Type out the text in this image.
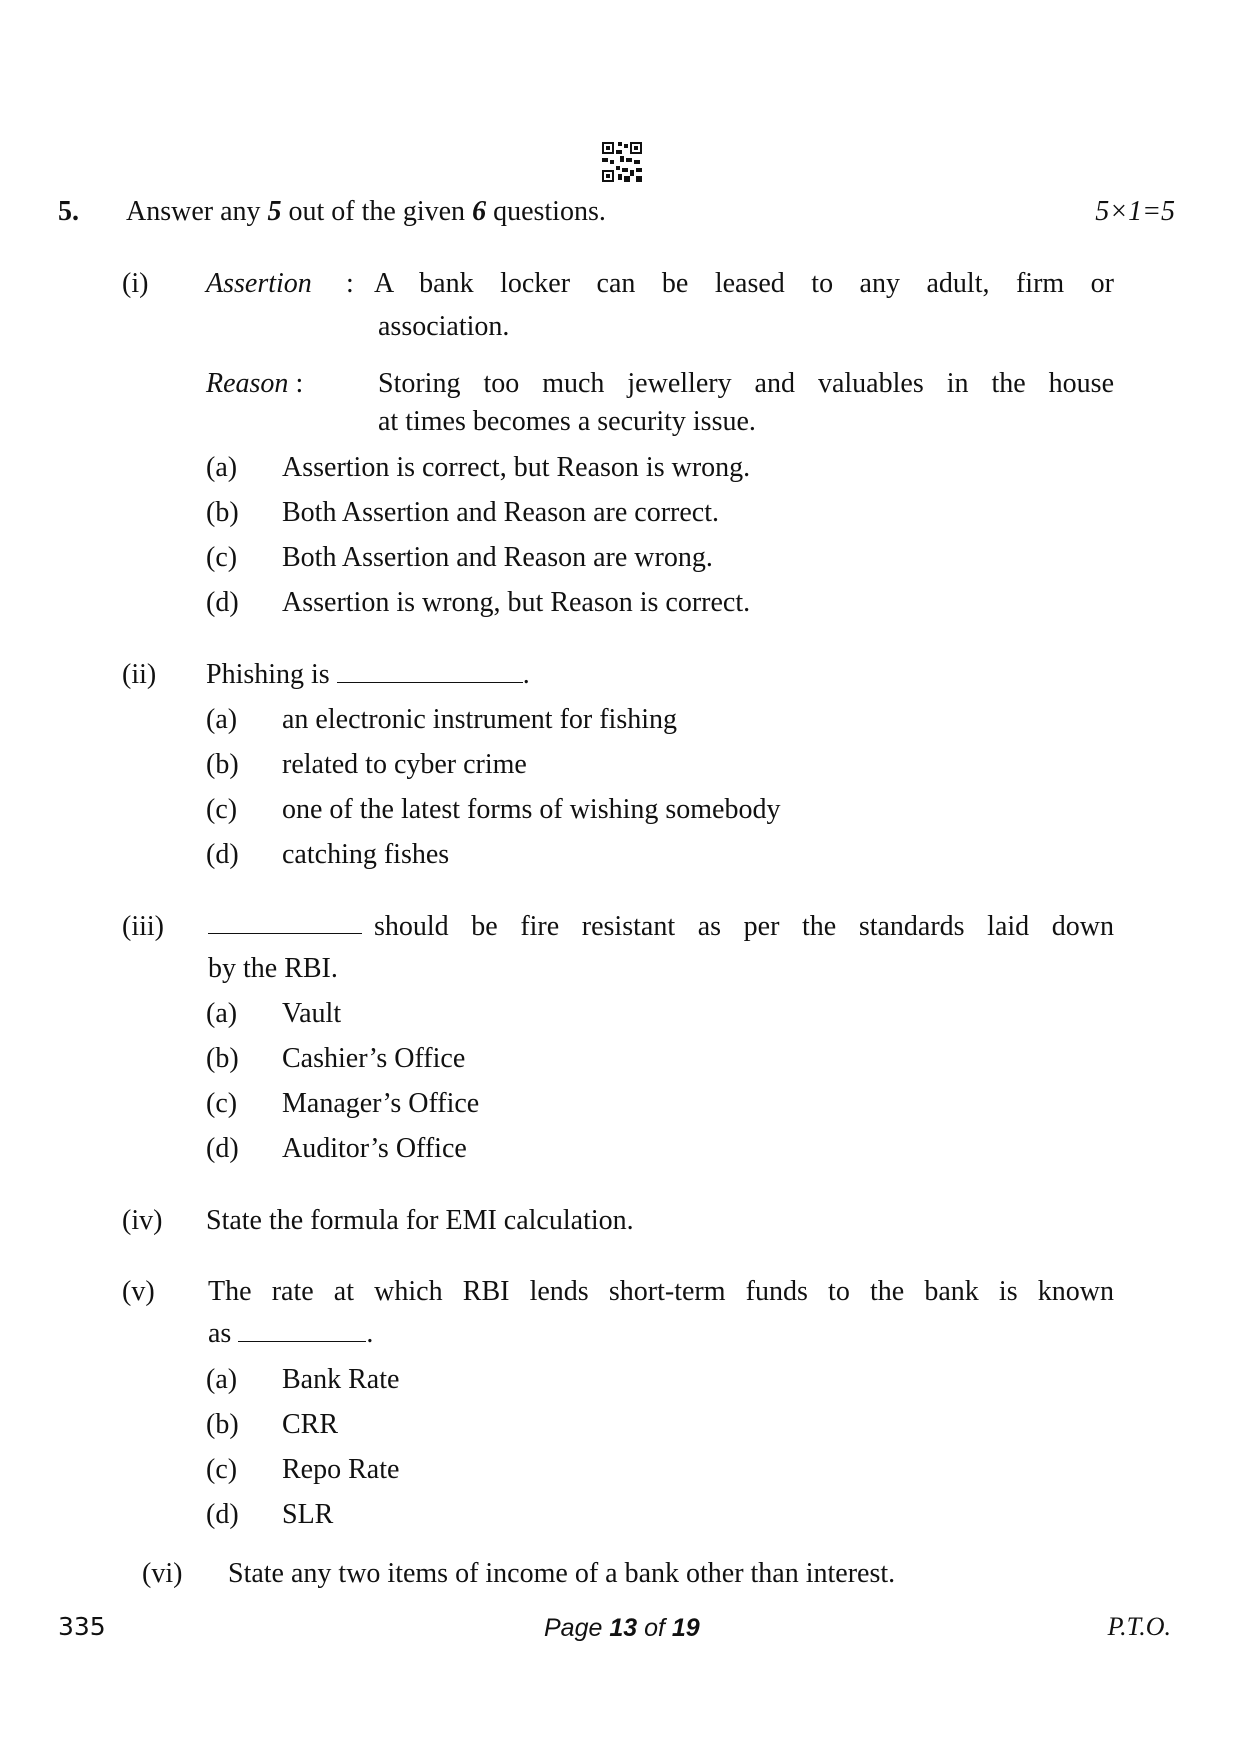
5. Answer any 5 out of the given 6 questions.	5×1=5
(i) Assertion : A bank locker can be leased to any adult, firm or
association.
Reason :	Storing too much jewellery and valuables in the house
at times becomes a security issue.
(a) Assertion is correct, but Reason is wrong.
(b) Both Assertion and Reason are correct.
(c) Both Assertion and Reason are wrong.
(d) Assertion is wrong, but Reason is correct.
(ii) Phishing is	.
(a) an electronic instrument for fishing
(b) related to cyber crime
(c) one of the latest forms of wishing somebody
(d) catching fishes
(iii)	should be fire resistant as per the standards laid down
by the RBI.
(a) Vault
(b) Cashier’s Office
(c) Manager’s Office
(d) Auditor’s Office
(iv) State the formula for EMI calculation.
(v) The rate at which RBI lends short-term funds to the bank is known
as	.
(a) Bank Rate
(b) CRR
(c) Repo Rate
(d) SLR
(vi) State any two items of income of a bank other than interest.
335	Page 13 of 19	P.T.O.
